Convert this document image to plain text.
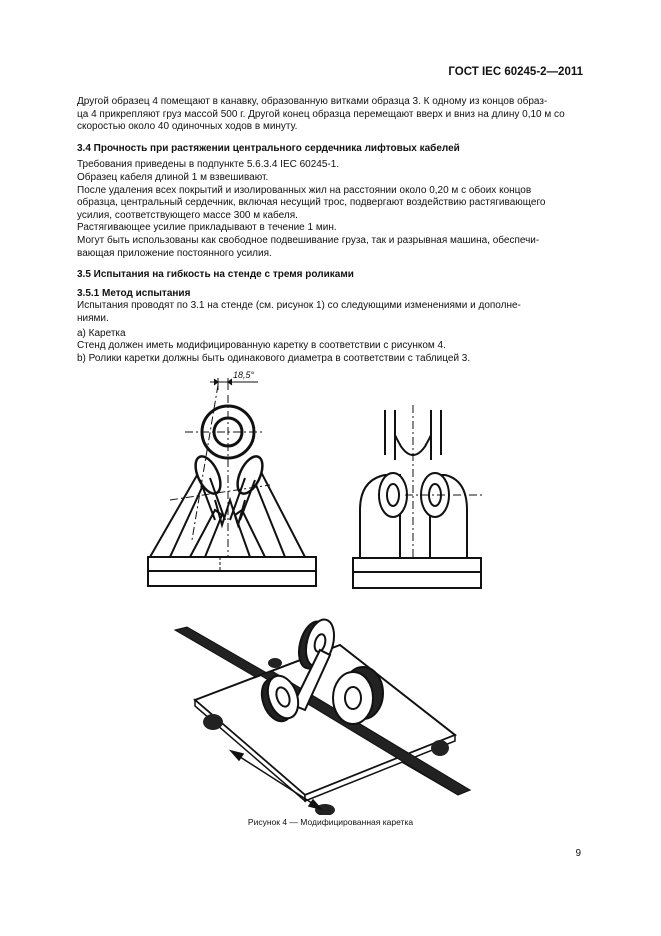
ГОСТ IEC 60245-2—2011

Другой образец 4 помещают в канавку, образованную витками образца 3. К одному из концов образ-

ца 4 прикрепляют груз массой 500 г. Другой конец образца перемещают вверх и вниз на длину 0,10 м со

скоростью около 40 одиночных ходов в минуту.

3.4 Прочность при растяжении центрального сердечника лифтовых кабелей

Требования приведены в подпункте 5.6.3.4 IEC 60245-1.

Образец кабеля длиной 1 м взвешивают.

После удаления всех покрытий и изолированных жил на расстоянии около 0,20 м с обоих концов

образца, центральный сердечник, включая несущий трос, подвергают воздействию растягивающего

усилия, соответствующего массе 300 м кабеля.

Растягивающее усилие прикладывают в течение 1 мин.

Могут быть использованы как свободное подвешивание груза, так и разрывная машина, обеспечи-

вающая приложение постоянного усилия.

3.5 Испытания на гибкость на стенде с тремя роликами

3.5.1 Метод испытания

Испытания проводят по 3.1 на стенде (см. рисунок 1) со следующими изменениями и дополне-

ниями.

a) Каретка

Стенд должен иметь модифицированную каретку в соответствии с рисунком 4.

b) Ролики каретки должны быть одинакового диаметра в соответствии с таблицей 3.

18,5°
Рисунок 4 — Модифицированная каретка
9
